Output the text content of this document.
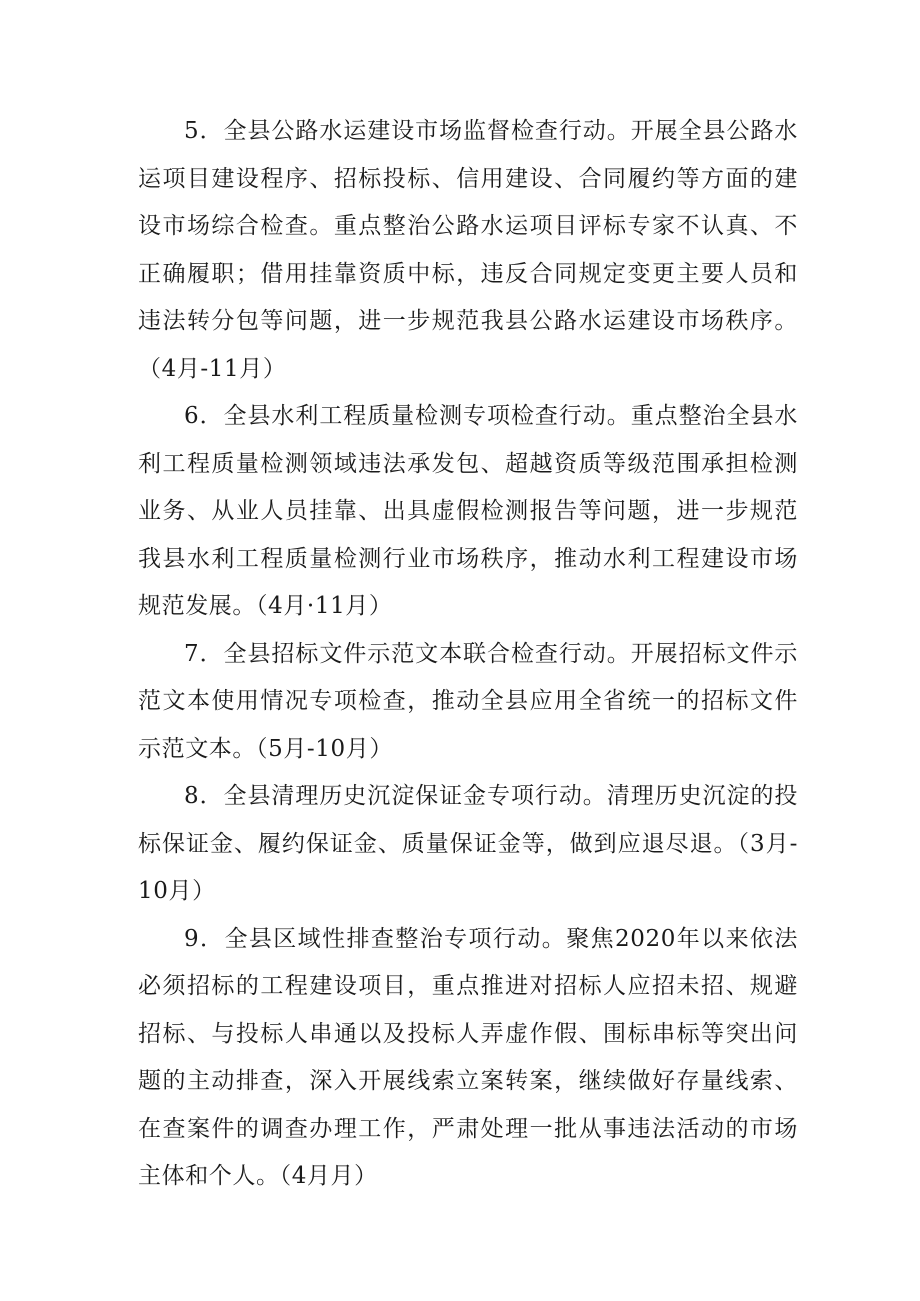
5．全县公路水运建设市场监督检查行动。开展全县公路水运项目建设程序、招标投标、信用建设、合同履约等方面的建设市场综合检查。重点整治公路水运项目评标专家不认真、不正确履职；借用挂靠资质中标，违反合同规定变更主要人员和违法转分包等问题，进一步规范我县公路水运建设市场秩序。（4月-11月）

6．全县水利工程质量检测专项检查行动。重点整治全县水利工程质量检测领域违法承发包、超越资质等级范围承担检测业务、从业人员挂靠、出具虚假检测报告等问题，进一步规范我县水利工程质量检测行业市场秩序，推动水利工程建设市场规范发展。（4月·11月）

7．全县招标文件示范文本联合检查行动。开展招标文件示范文本使用情况专项检查，推动全县应用全省统一的招标文件示范文本。（5月-10月）

8．全县清理历史沉淀保证金专项行动。清理历史沉淀的投标保证金、履约保证金、质量保证金等，做到应退尽退。（3月-10月）

9．全县区域性排查整治专项行动。聚焦2020年以来依法必须招标的工程建设项目，重点推进对招标人应招未招、规避招标、与投标人串通以及投标人弄虚作假、围标串标等突出问题的主动排查，深入开展线索立案转案，继续做好存量线索、在查案件的调查办理工作，严肃处理一批从事违法活动的市场主体和个人。（4月月）
